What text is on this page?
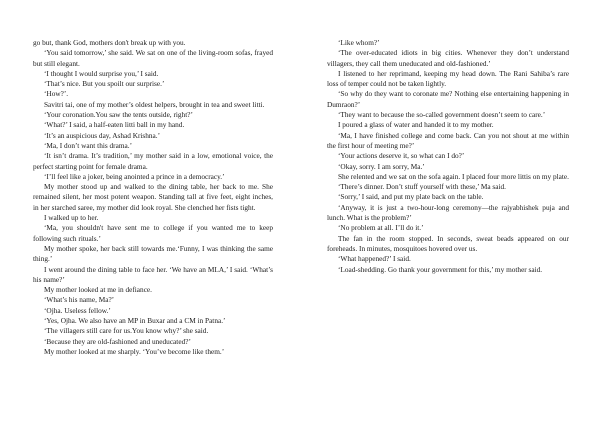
go but, thank God, mothers don't break up with you.

‘You said tomorrow,’ she said. We sat on one of the living-room sofas, frayed but still elegant.

‘I thought I would surprise you,’ I said.

‘That’s nice. But you spoilt our surprise.’

‘How?’.

Savitri tai, one of my mother’s oldest helpers, brought in tea and sweet litti.

‘Your coronation.You saw the tents outside, right?’

‘What?’ I said, a half-eaten litti ball in my hand.

‘It’s an auspicious day, Ashad Krishna.’

‘Ma, I don’t want this drama.’

‘It isn’t drama. It’s tradition,’ my mother said in a low, emotional voice, the perfect starting point for female drama.

‘I’ll feel like a joker, being anointed a prince in a democracy.’

My mother stood up and walked to the dining table, her back to me. She remained silent, her most potent weapon. Standing tall at five feet, eight inches, in her starched saree, my mother did look royal. She clenched her fists tight.

I walked up to her.

‘Ma, you shouldn't have sent me to college if you wanted me to keep following such rituals.’

My mother spoke, her back still towards me.‘Funny, I was thinking the same thing.’

I went around the dining table to face her. ‘We have an MLA,’ I said. ‘What’s his name?’

My mother looked at me in defiance.

‘What’s his name, Ma?’

‘Ojha. Useless fellow.’

‘Yes, Ojha. We also have an MP in Buxar and a CM in Patna.’

‘The villagers still care for us.You know why?’ she said.

‘Because they are old-fashioned and uneducated?’

My mother looked at me sharply. ‘You’ve become like them.’

‘Like whom?’

‘The over-educated idiots in big cities. Whenever they don’t understand villagers, they call them uneducated and old-fashioned.’

I listened to her reprimand, keeping my head down. The Rani Sahiba’s rare loss of temper could not be taken lightly.

‘So why do they want to coronate me? Nothing else entertaining happening in Dumraon?’

‘They want to because the so-called government doesn’t seem to care.’

I poured a glass of water and handed it to my mother.

‘Ma, I have finished college and come back. Can you not shout at me within the first hour of meeting me?’

‘Your actions deserve it, so what can I do?’

‘Okay, sorry. I am sorry, Ma.’

She relented and we sat on the sofa again. I placed four more littis on my plate.

‘There’s dinner. Don’t stuff yourself with these,’ Ma said.

‘Sorry,’ I said, and put my plate back on the table.

‘Anyway, it is just a two-hour-long ceremony—the rajyabhishek puja and lunch. What is the problem?’

‘No problem at all. I’ll do it.’

The fan in the room stopped. In seconds, sweat beads appeared on our foreheads. In minutes, mosquitoes hovered over us.

‘What happened?’ I said.

‘Load-shedding. Go thank your government for this,’ my mother said.
